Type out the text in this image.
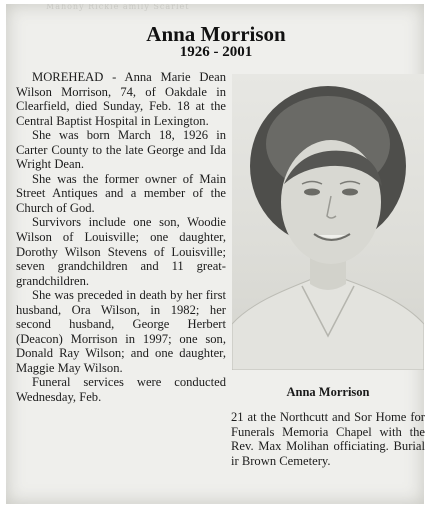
Mahony Rickie amily Scarlet
Anna Morrison
1926 - 2001

MOREHEAD - Anna Marie Dean Wilson Morrison, 74, of Oakdale in Clearfield, died Sunday, Feb. 18 at the Central Baptist Hospital in Lexington.

She was born March 18, 1926 in Carter County to the late George and Ida Wright Dean.

She was the former owner of Main Street Antiques and a member of the Church of God.

Survivors include one son, Woodie Wilson of Louisville; one daughter, Dorothy Wilson Stevens of Louisville; seven grandchildren and 11 great-grandchildren.

She was preceded in death by her first husband, Ora Wilson, in 1982; her second husband, George Herbert (Deacon) Morrison in 1997; one son, Donald Ray Wilson; and one daughter, Maggie May Wilson.

Funeral services were conducted Wednesday, Feb.	Anna Morrison

21 at the Northcutt and Sor Home for Funerals Memoria Chapel with the Rev. Max Molihan officiating. Burial ir Brown Cemetery.
